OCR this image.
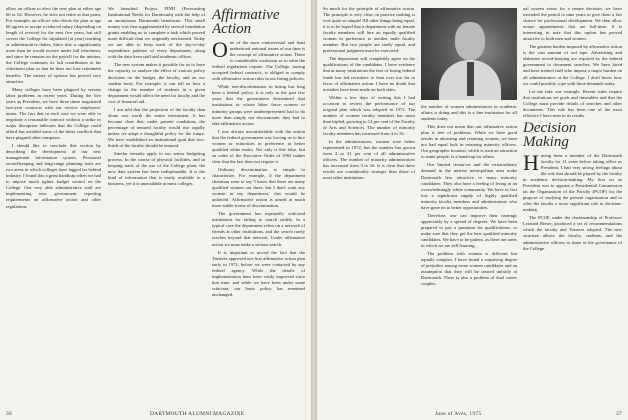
allow an officer to elect the new plan at either age 60 or 62. However, he does not retire at that point. For example, an officer who elects the plan at age 60 agrees to accept a reduced salary (depending on length of service) for the next five years, but still covers the College for stipulated (at year) teaching or administrative duties. Since this is significantly more than he would receive under full retirement, and since he remains on the payroll for the interim, the College continues its full contribution to his retirement plan so that he does not lose retirement benefits. The variety of options has proved very attractive.

Many colleges have been plagued by serious labor problems in recent years. During the five years as President, we have three times negotiated two-year contracts with our service employees' union. The fact that in each case we were able to negotiate a reasonable contract without a strike or major disruption indicates that the College could afford has avoided some of the bitter conflicts that have plagued other campuses.

I should like to conclude this section by describing the development of our new management information system. Personnel record-keeping and long-range planning tools are two areas in which colleges have lagged far behind industry. I found this a great handicap when we had to impose much tighter budget control on the College. Our very able administrative staff are implementing new government reporting requirements on affirmative action and other regulations.

We launched Project FIND (Forecasting Institutional Needs for Dartmouth) with the help of an anonymous Dartmouth benefactor. This small money was first supplemented by several foundation grants enabling us to complete a task which proved more difficult than we originally envisioned. Today we are able to keep track of the day-to-day expenditure patterns of every department, along with the data from staff and academic offices.

The new system makes it possible for us to have the capacity to analyze the effect of various policy decisions on the budget, the faculty, and on our student body. For example, it can tell us how a change in the number of students in a given department would affect the need for faculty and the cost of financial aid.

I am told that the projection of the faculty data alone was worth the entire investment. It has become clear that, under present conditions, the percentage of tenured faculty would rise rapidly unless we adopt a thoughtful policy for the future. We have established an institutional goal that two-thirds of the faculty should be tenured.

Similar remarks apply to our senior budgeting process. In the course of physical facilities, and in keeping track of the use of the College plant, the new data system has been indispensable. It is the kind of information that is easily available to a business, yet it is unavailable at most colleges.

Affirmative Action

One of the most controversial and least understood national issues of our time is the concept of affirmative action. There is considerable confusion as to what the federal regulations require. The College, having accepted federal contracts, is obliged to comply with affirmative action rules in our hiring policies.

While non-discrimination in hiring has long been a federal policy, it is only in the past few years that the government determined that institutions in whose labor force women or minority groups were underrepresented had to do more than simply not discriminate; they had to take affirmative action.

I was always uncomfortable with the notion that the federal government was forcing us to hire women or minorities in preference to better qualified white males. Not only is this false, but an order of the Executive Order of 1965 makes clear that the law does not require it.

Ordinary discrimination is simple to characterize. For example, if the department chairman were to say 'I know that there are many qualified women out there, but I don't want any woman in my department,' this would be unlawful. Affirmative action is aimed at much more subtle forms of discrimination.

The government has repeatedly criticized institutions for failing to search widely. In a typical case the department relies on a network of friends at other institutions, and the search rarely reaches beyond that network. Under affirmative action we must make a serious search.

It is important to record the fact that the Trustees approved our first affirmative action plan early in 1972, before we were contacted by any federal agency. While the details of implementation have been vastly improved since that time, and while we have been under some criticism, our basic policy has remained unchanged.

36	DARTMOUTH ALUMNI MAGAZINE

So much for the principle of affirmative action. The principle is very clear; in practice nothing is ever quite so simple! All other things being equal, it is to be hoped that a department with no female faculty members will hire an equally qualified woman in preference to another male faculty member. But two people are rarely equal, and professional judgment must be exercised.

The department will completely agree on the qualifications of the candidates. I have evidence that at many institutions the fear of losing federal funds has led recruiters to lean over too far in favor of affirmative action. I have no doubt that mistakes have been made on both sides.

Within a few days of writing this I had occasion to review the performance of our original plan which was adopted in 1972. The number of women faculty members has more than tripled, growing to 12 per cent of the Faculty of Arts and Sciences. The number of minority faculty members has increased from 4 to 16.

In the administration, women were better represented in 1972, but the number has grown from 2 to 21 per cent of all administrative officers. The number of minority administrators has increased from 3 to 16. It is clear that these results are considerably stronger than those of most other institutions.

the number of women administrators in academic affairs is doing and this is a fine institution for all students today.

This does not mean that our affirmative action plan is free of problems. While we have good results in attracting and retaining women, we have not had equal luck in retaining minority officers. Our geographic location, which is such an attraction to some people, is a handicap for others.

Our limited resources and the extraordinary demand in the nearest metropolitan area make Dartmouth less attractive to many minority candidates. They also have a feeling of living in an overwhelmingly white community. We have in fact lost a significant supply of highly qualified minority faculty members and administrators who have gone on to better opportunities.

Therefore, one can improve their earnings appreciably by a spread of degrees. We have been prepared to pay a premium for qualifications, to make sure that they get the best qualified minority candidates. We have to be patient, as there are areas in which we are still learning.

The problem with women is different but equally complex. I have found a surprising degree of prejudice among some women candidates and an assumption that they will be treated unfairly at Dartmouth. There is also a problem of dual career couples.

ual system exists for a tenure decision, we have extended the period to nine years to give them a fair chance for professional development. We then allow tenure appointments that are full-time. It is interesting to note that this option has proved attractive to both men and women.

The greatest burden imposed by affirmative action is the vast amount of red tape. Advertising and elaborate record-keeping are required by the federal government to document searches. We have hired and have trained staff who impose a major burden on all administrators at the College. I don't know how we could possibly cope with these demands today.

Let me take one example. Recent rules require that institutions set goals and timetables and that the College must provide details of searches and other documents. This rule has been one of the most effective I have seen in its results.

Decision Making

Having been a member of the Dartmouth faculty for 11 years before taking office as President, I had very strong feelings about the role that should be played by the faculty in academic decision-making. My first act as President was to appoint a Presidential Commission on the Organization of the Faculty (PCOF) for the purpose of studying the present organization and to offer the faculty a more significant role in decision-making.

The PCOF, under the chairmanship of Professor Leonard Rieser, produced a set of recommendations which the faculty and Trustees adopted. The new structure allows the faculty, students, and the administrative officers to share in the governance of the College.

June of Aves, 1975	37
